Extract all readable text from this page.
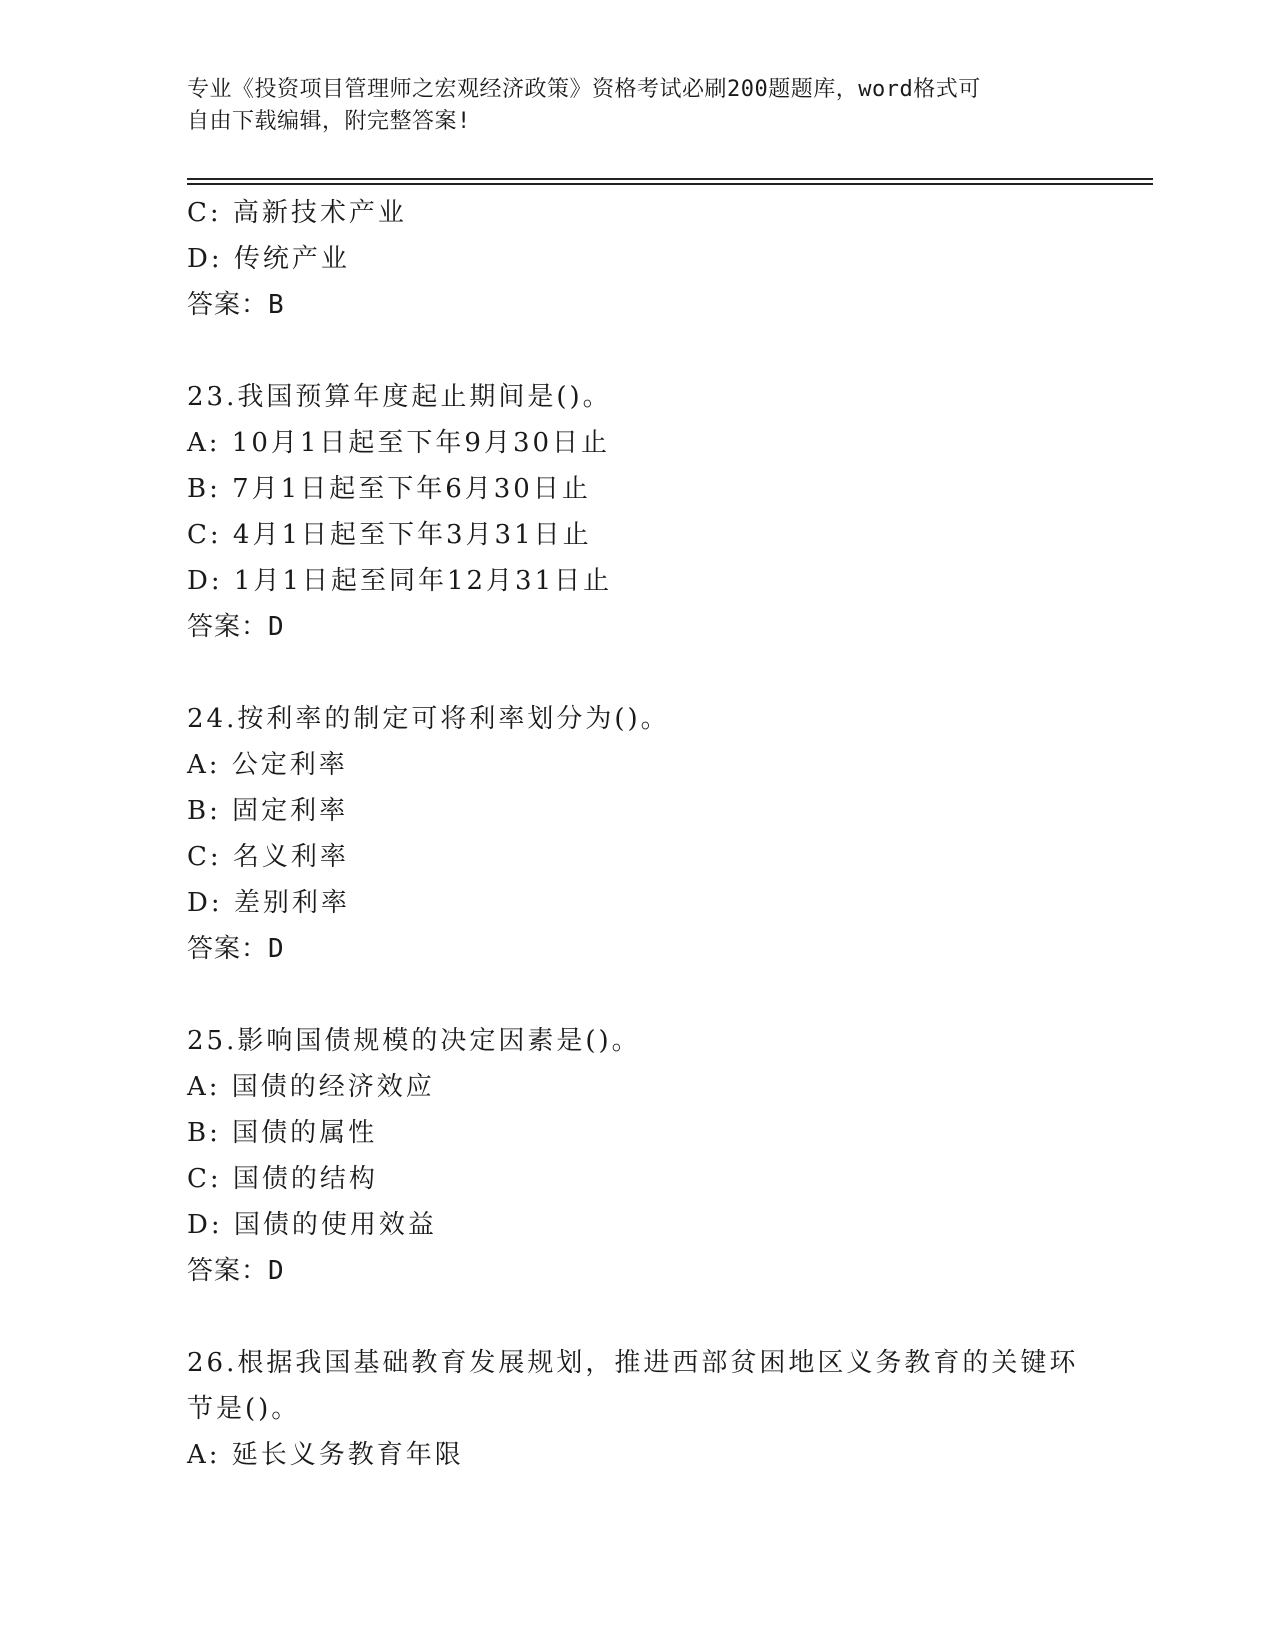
专业《投资项目管理师之宏观经济政策》资格考试必刷200题题库，word格式可
自由下载编辑，附完整答案!
C: 高新技术产业
D: 传统产业
答案：B
23.我国预算年度起止期间是()。
A: 10月1日起至下年9月30日止
B: 7月1日起至下年6月30日止
C: 4月1日起至下年3月31日止
D: 1月1日起至同年12月31日止
答案：D
24.按利率的制定可将利率划分为()。
A: 公定利率
B: 固定利率
C: 名义利率
D: 差别利率
答案：D
25.影响国债规模的决定因素是()。
A: 国债的经济效应
B: 国债的属性
C: 国债的结构
D: 国债的使用效益
答案：D
26.根据我国基础教育发展规划，推进西部贫困地区义务教育的关键环
节是()。
A: 延长义务教育年限
